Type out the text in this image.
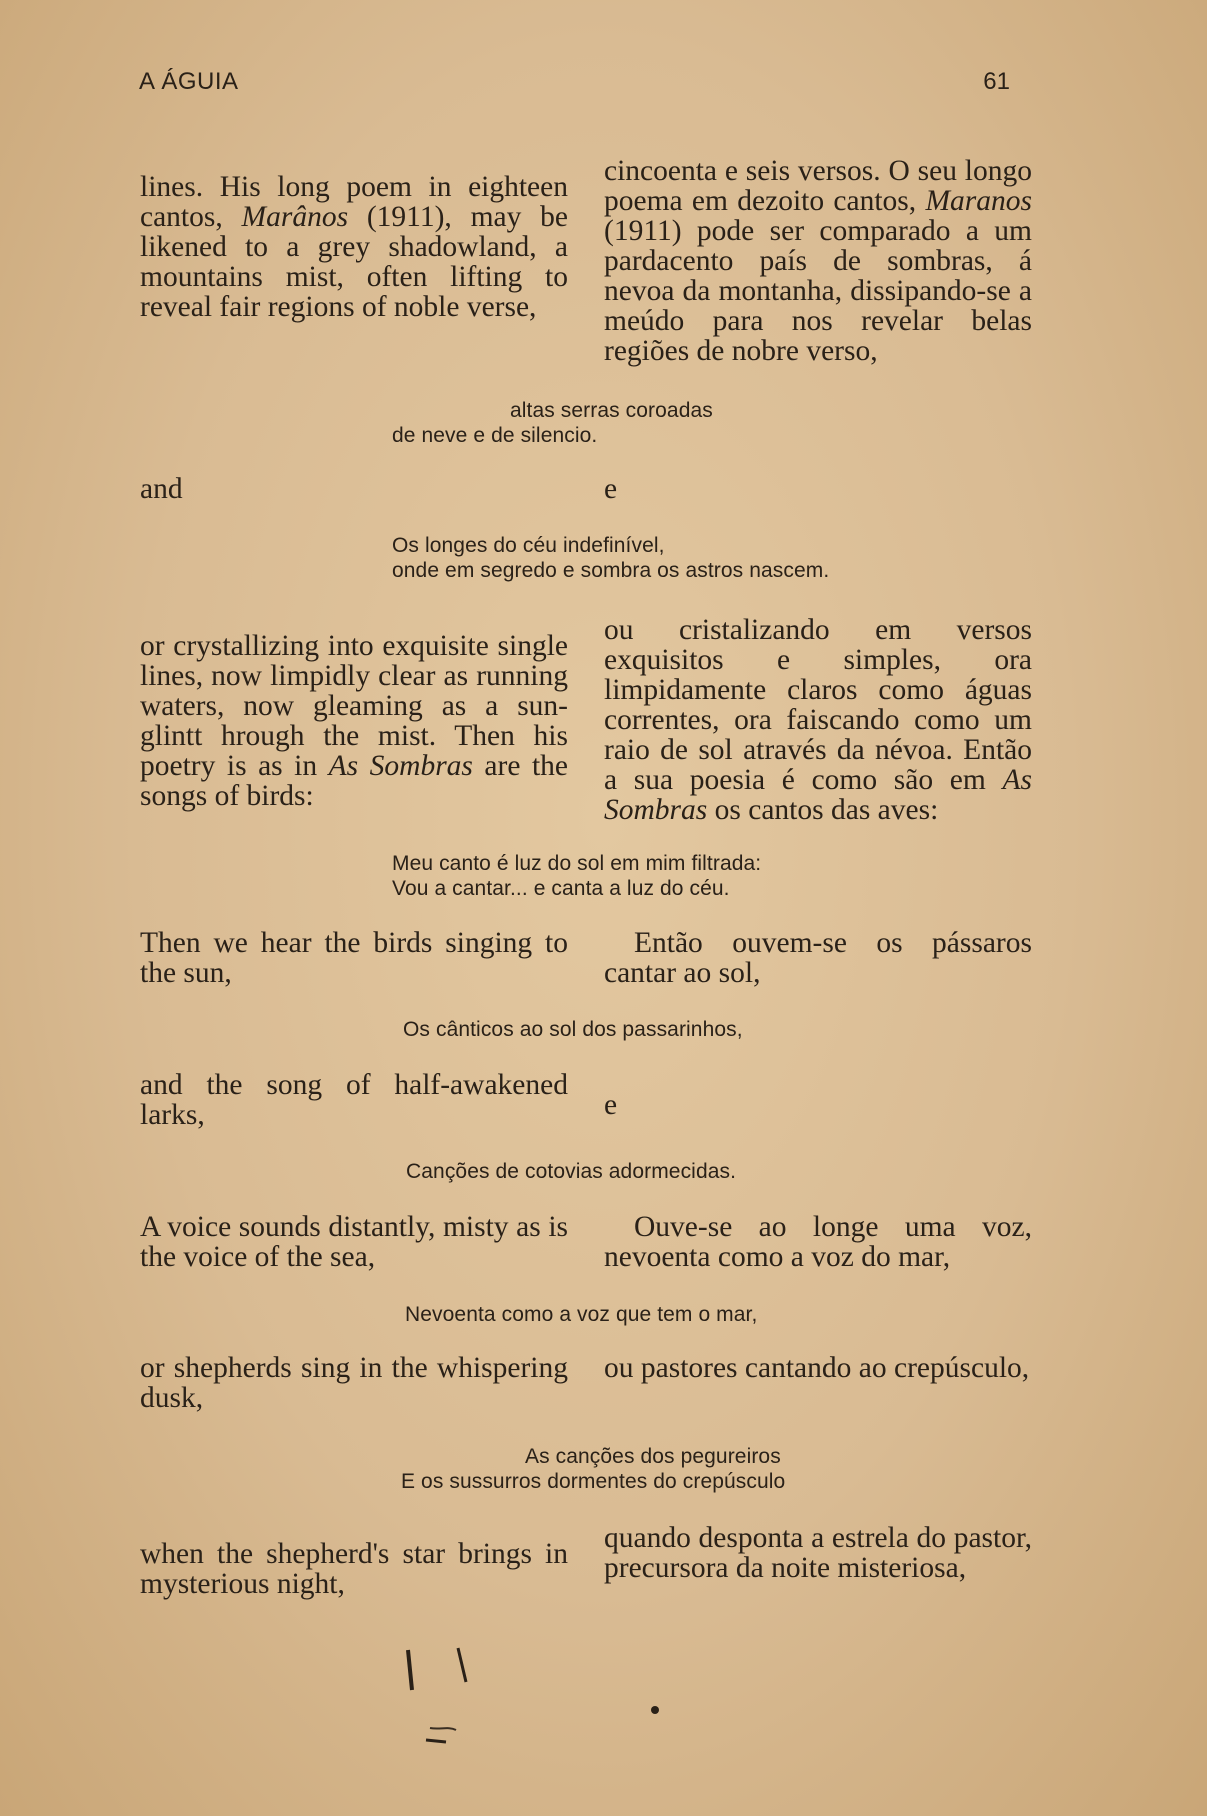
A ÁGUIA	61
lines. His long poem in eighteen cantos, Marânos (1911), may be likened to a grey shadowland, a mountains mist, often lifting to reveal fair regions of noble verse,
cincoenta e seis versos. O seu longo poema em dezoito cantos, Maranos (1911) pode ser comparado a um pardacento país de sombras, á nevoa da montanha, dissipando-se a meúdo para nos revelar belas regiões de nobre verso,
altas serras coroadas
de neve e de silencio.
and	e
Os longes do céu indefinível,
onde em segredo e sombra os astros nascem.
or crystallizing into exquisite single lines, now limpidly clear as running waters, now gleaming as a sun-glintt hrough the mist. Then his poetry is as in As Sombras are the songs of birds:
ou cristalizando em versos exquisitos e simples, ora limpidamente claros como águas correntes, ora faiscando como um raio de sol através da névoa. Então a sua poesia é como são em As Sombras os cantos das aves:
Meu canto é luz do sol em mim filtrada:
Vou a cantar... e canta a luz do céu.
Then we hear the birds singing to the sun,
Então ouvem-se os pássaros cantar ao sol,
Os cânticos ao sol dos passarinhos,
and the song of half-awakened larks,	e
Canções de cotovias adormecidas.
A voice sounds distantly, misty as is the voice of the sea,
Ouve-se ao longe uma voz, nevoenta como a voz do mar,
Nevoenta como a voz que tem o mar,
or shepherds sing in the whispering dusk,
ou pastores cantando ao crepúsculo,
As canções dos pegureiros
E os sussurros dormentes do crepúsculo
when the shepherd's star brings in mysterious night,
quando desponta a estrela do pastor, precursora da noite misteriosa,
